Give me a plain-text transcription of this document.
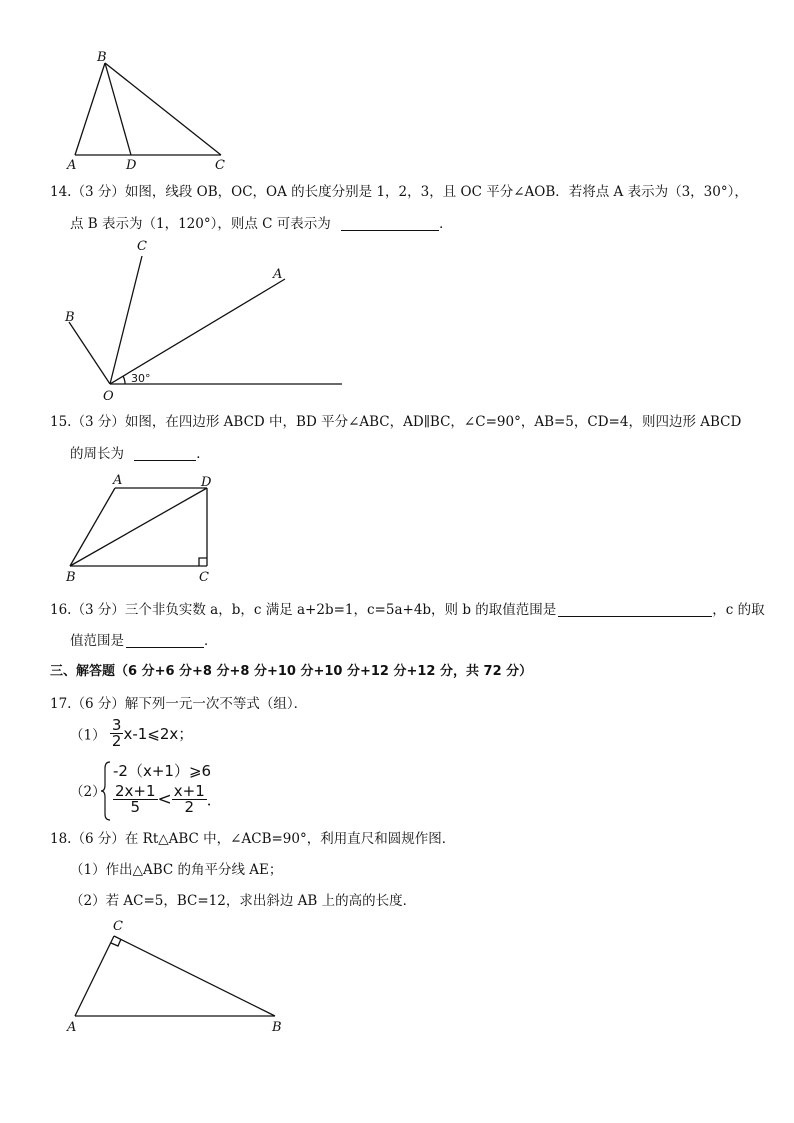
B
A	D	C
14.（3 分）如图，线段 OB，OC，OA 的长度分别是 1，2，3，且 OC 平分∠AOB．若将点 A 表示为（3，30°），
点 B 表示为（1，120°），则点 C 可表示为	．
C
A
B
O
30°
15.（3 分）如图，在四边形 ABCD 中，BD 平分∠ABC，AD∥BC，∠C=90°，AB=5，CD=4，则四边形 ABCD
的周长为	．
A	D
B	C
16.（3 分）三个非负实数 a，b，c 满足 a+2b=1，c=5a+4b，则 b 的取值范围是	，c 的取
值范围是	．
三、解答题（6 分+6 分+8 分+8 分+10 分+10 分+12 分+12 分，共 72 分）
17.（6 分）解下列一元一次不等式（组）．
$(1) \frac{3}{2}$ x-1⩽2x；
（2）
-2（x+1）⩾6
$\frac{2x+1}{5} < \frac{x+1}{2}$ ．
18.（6 分）在 Rt△ABC 中，∠ACB=90°，利用直尺和圆规作图．
（1）作出△ABC 的角平分线 AE；
（2）若 AC=5，BC=12，求出斜边 AB 上的高的长度．
C
A	B
